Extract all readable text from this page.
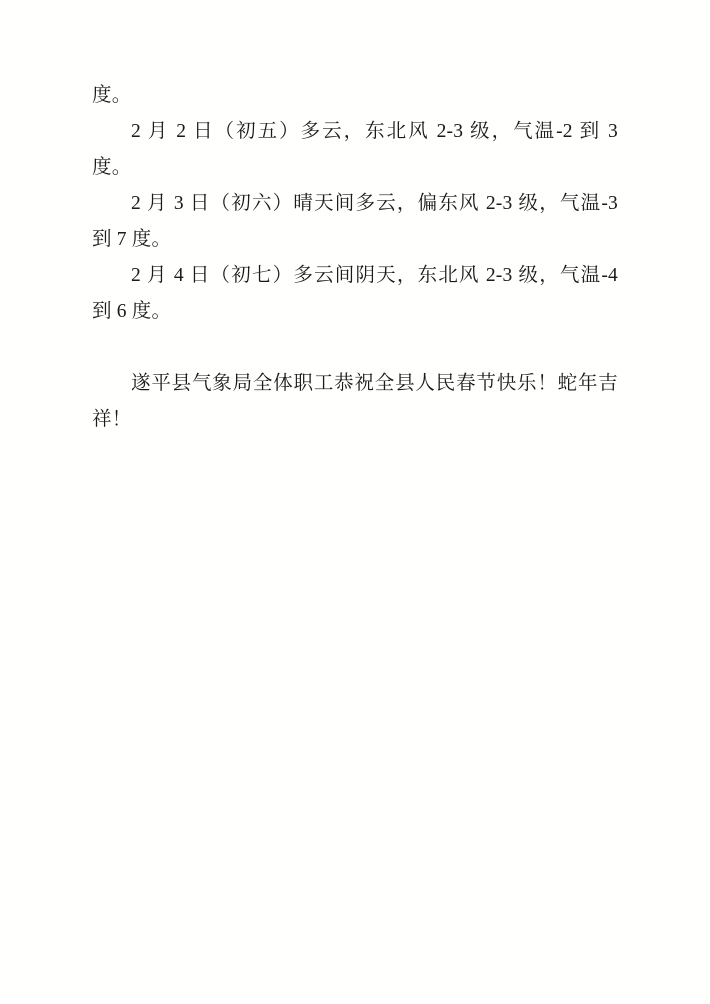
度。

2 月 2 日（初五）多云，东北风 2-3 级，气温-2 到 3 度。

2 月 3 日（初六）晴天间多云，偏东风 2-3 级，气温-3 到 7 度。

2 月 4 日（初七）多云间阴天，东北风 2-3 级，气温-4 到 6 度。

遂平县气象局全体职工恭祝全县人民春节快乐！蛇年吉祥！
